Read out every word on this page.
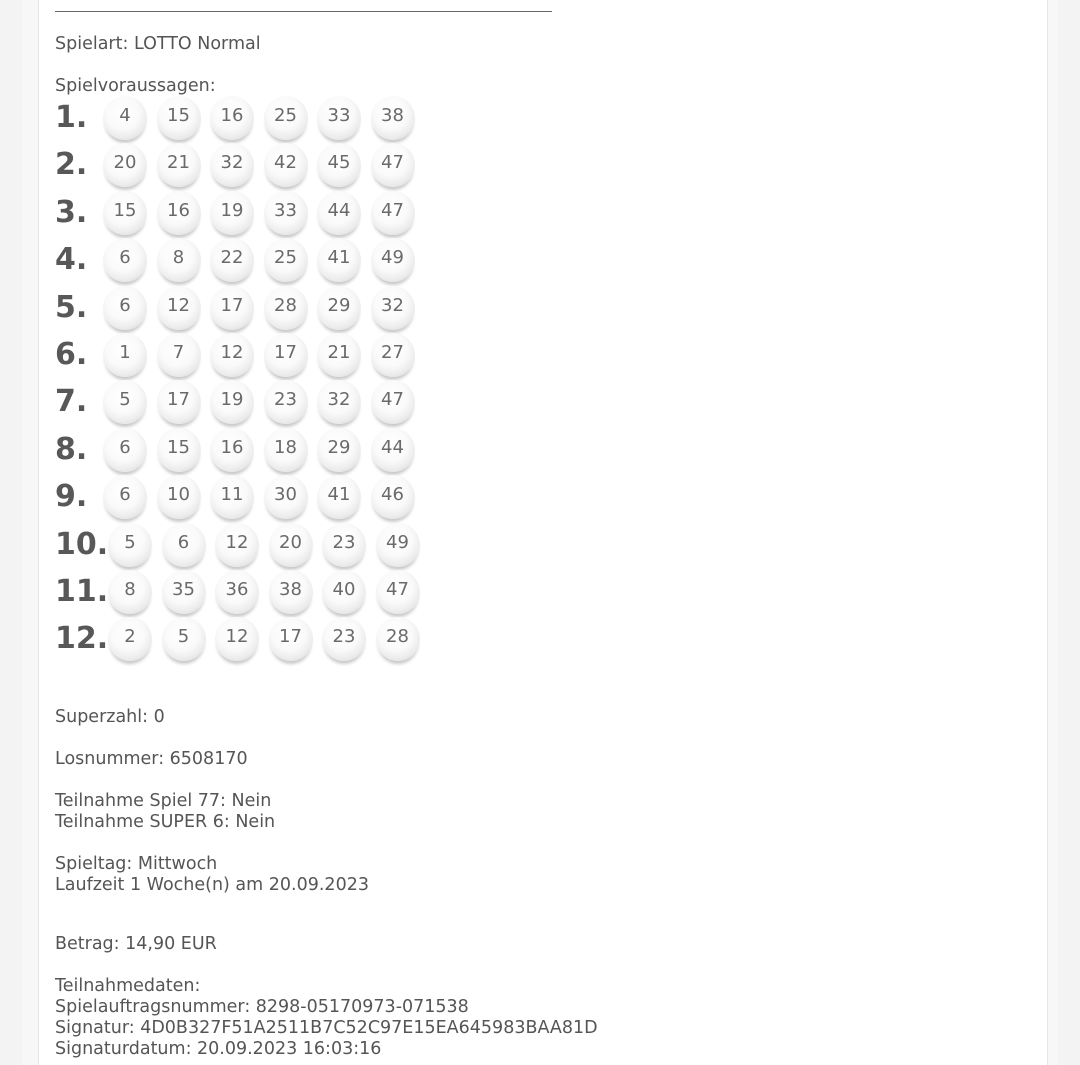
Spielart: LOTTO Normal
Spielvoraussagen:
1.	4	15	16	25	33	38
2.	20	21	32	42	45	47
3.	15	16	19	33	44	47
4.	6	8	22	25	41	49
5.	6	12	17	28	29	32
6.	1	7	12	17	21	27
7.	5	17	19	23	32	47
8.	6	15	16	18	29	44
9.	6	10	11	30	41	46
10. 5	6	12	20	23	49
11. 8	35	36	38	40	47
12. 2	5	12	17	23	28
Superzahl: 0
Losnummer: 6508170
Teilnahme Spiel 77: Nein
Teilnahme SUPER 6: Nein
Spieltag: Mittwoch
Laufzeit 1 Woche(n) am 20.09.2023
Betrag: 14,90 EUR
Teilnahmedaten:
Spielauftragsnummer: 8298-05170973-071538
Signatur: 4D0B327F51A2511B7C52C97E15EA645983BAA81D
Signaturdatum: 20.09.2023 16:03:16
